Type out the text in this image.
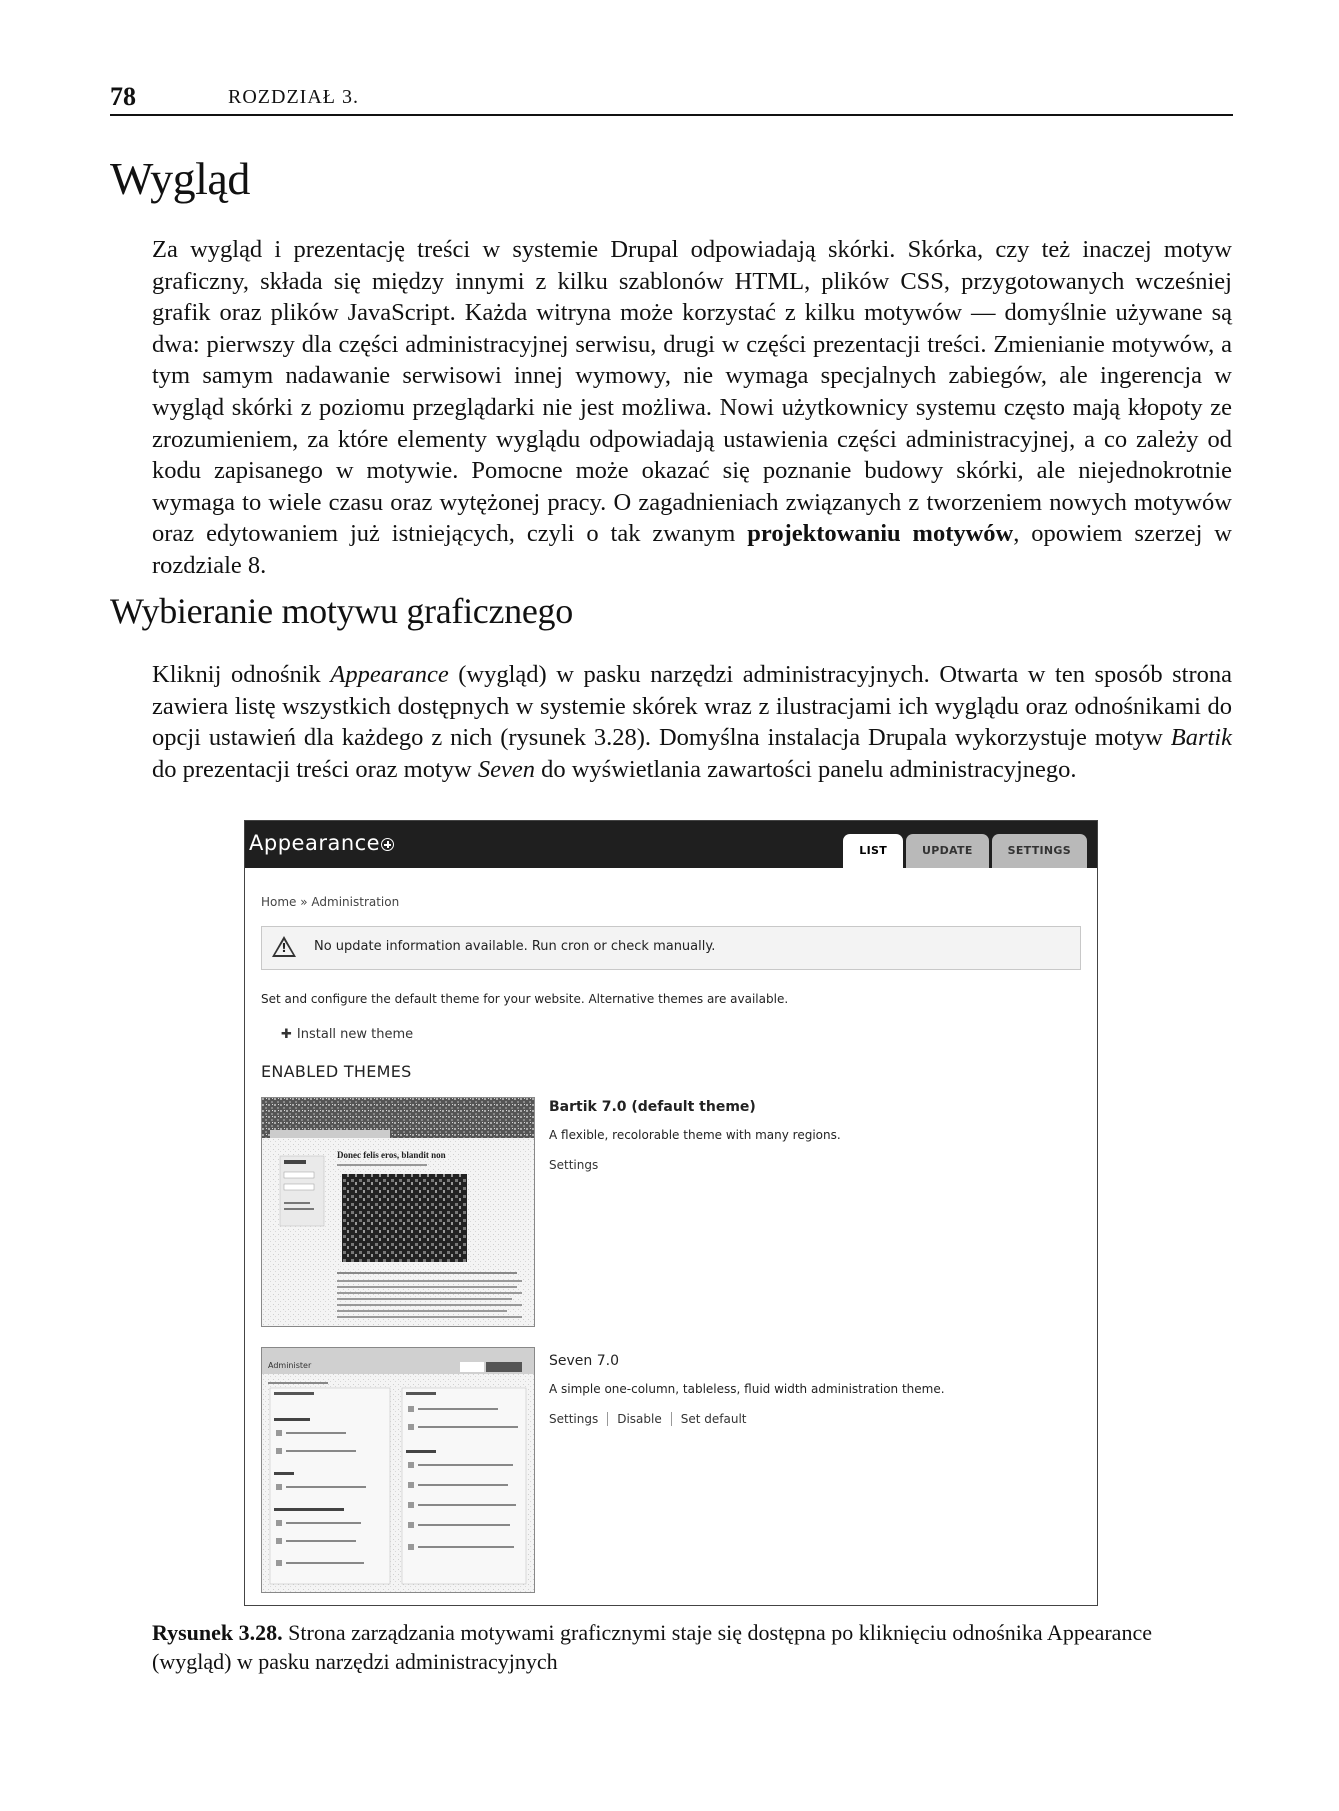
78	ROZDZIAŁ 3.
Wygląd

Za wygląd i prezentację treści w systemie Drupal odpowiadają skórki. Skórka, czy też inaczej motyw graficzny, składa się między innymi z kilku szablonów HTML, plików CSS, przygotowanych wcześniej grafik oraz plików JavaScript. Każda witryna może korzystać z kilku motywów — domyślnie używane są dwa: pierwszy dla części administracyjnej serwisu, drugi w części prezentacji treści. Zmienianie motywów, a tym samym nadawanie serwisowi innej wymowy, nie wymaga specjalnych zabiegów, ale ingerencja w wygląd skórki z poziomu przeglądarki nie jest możliwa. Nowi użytkownicy systemu często mają kłopoty ze zrozumieniem, za które elementy wyglądu odpowiadają ustawienia części administracyjnej, a co zależy od kodu zapisanego w motywie. Pomocne może okazać się poznanie budowy skórki, ale niejednokrotnie wymaga to wiele czasu oraz wytężonej pracy. O zagadnieniach związanych z tworzeniem nowych motywów oraz edytowaniem już istniejących, czyli o tak zwanym projektowaniu motywów, opowiem szerzej w rozdziale 8.

Wybieranie motywu graficznego

Kliknij odnośnik Appearance (wygląd) w pasku narzędzi administracyjnych. Otwarta w ten sposób strona zawiera listę wszystkich dostępnych w systemie skórek wraz z ilustracjami ich wyglądu oraz odnośnikami do opcji ustawień dla każdego z nich (rysunek 3.28). Domyślna instalacja Drupala wykorzystuje motyw Bartik do prezentacji treści oraz motyw Seven do wyświetlania zawartości panelu administracyjnego.

Appearance	LIST	UPDATE	SETTINGS
Home » Administration
! No update information available. Run cron or check manually.
Set and configure the default theme for your website. Alternative themes are available.
✚ Install new theme
ENABLED THEMES
Donec felis eros, blandit non

Bartik 7.0 (default theme)

A flexible, recolorable theme with many regions.
Settings
Administer	Seven 7.0

A simple one-column, tableless, fluid width administration theme.
Settings	Disable	Set default
Rysunek 3.28. Strona zarządzania motywami graficznymi staje się dostępna po kliknięciu odnośnika Appearance
(wygląd) w pasku narzędzi administracyjnych
